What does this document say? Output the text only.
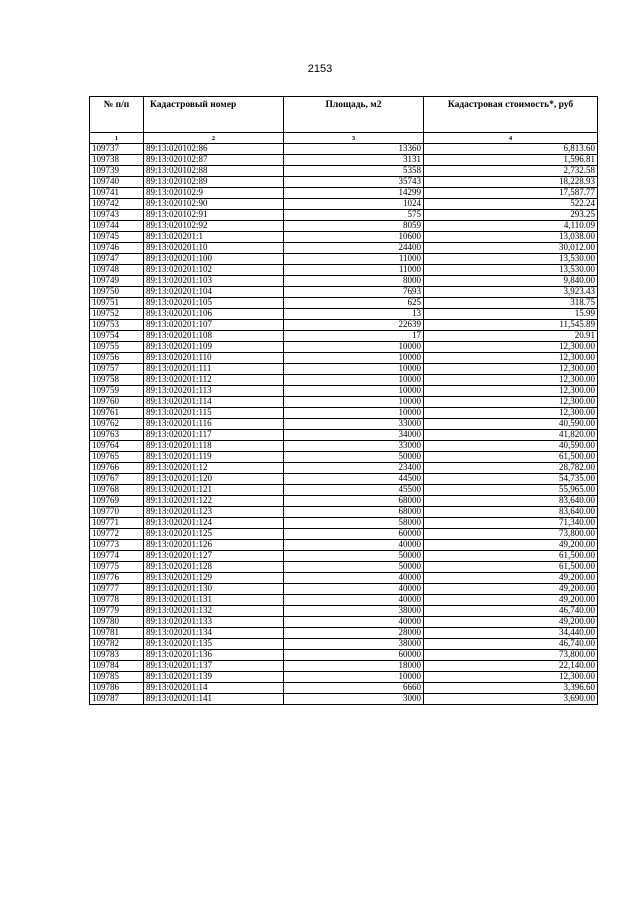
2153
№ п/п	Кадастровый номер	Площадь, м2	Кадастровая стоимость*, руб
1	2	3	4
109737	89:13:020102:86	13360	6,813.60
109738	89:13:020102:87	3131	1,596.81
109739	89:13:020102:88	5358	2,732.58
109740	89:13:020102:89	35743	18,228.93
109741	89:13:020102:9	14299	17,587.77
109742	89:13:020102:90	1024	522.24
109743	89:13:020102:91	575	293.25
109744	89:13:020102:92	8059	4,110.09
109745	89:13:020201:1	10600	13,038.00
109746	89:13:020201:10	24400	30,012.00
109747	89:13:020201:100	11000	13,530.00
109748	89:13:020201:102	11000	13,530.00
109749	89:13:020201:103	8000	9,840.00
109750	89:13:020201:104	7693	3,923.43
109751	89:13:020201:105	625	318.75
109752	89:13:020201:106	13	15.99
109753	89:13:020201:107	22639	11,545.89
109754	89:13:020201:108	17	20.91
109755	89:13:020201:109	10000	12,300.00
109756	89:13:020201:110	10000	12,300.00
109757	89:13:020201:111	10000	12,300.00
109758	89:13:020201:112	10000	12,300.00
109759	89:13:020201:113	10000	12,300.00
109760	89:13:020201:114	10000	12,300.00
109761	89:13:020201:115	10000	12,300.00
109762	89:13:020201:116	33000	40,590.00
109763	89:13:020201:117	34000	41,820.00
109764	89:13:020201:118	33000	40,590.00
109765	89:13:020201:119	50000	61,500.00
109766	89:13:020201:12	23400	28,782.00
109767	89:13:020201:120	44500	54,735.00
109768	89:13:020201:121	45500	55,965.00
109769	89:13:020201:122	68000	83,640.00
109770	89:13:020201:123	68000	83,640.00
109771	89:13:020201:124	58000	71,340.00
109772	89:13:020201:125	60000	73,800.00
109773	89:13:020201:126	40000	49,200.00
109774	89:13:020201:127	50000	61,500.00
109775	89:13:020201:128	50000	61,500.00
109776	89:13:020201:129	40000	49,200.00
109777	89:13:020201:130	40000	49,200.00
109778	89:13:020201:131	40000	49,200.00
109779	89:13:020201:132	38000	46,740.00
109780	89:13:020201:133	40000	49,200.00
109781	89:13:020201:134	28000	34,440.00
109782	89:13:020201:135	38000	46,740.00
109783	89:13:020201:136	60000	73,800.00
109784	89:13:020201:137	18000	22,140.00
109785	89:13:020201:139	10000	12,300.00
109786	89:13:020201:14	6660	3,396.60
109787	89:13:020201:141	3000	3,690.00
